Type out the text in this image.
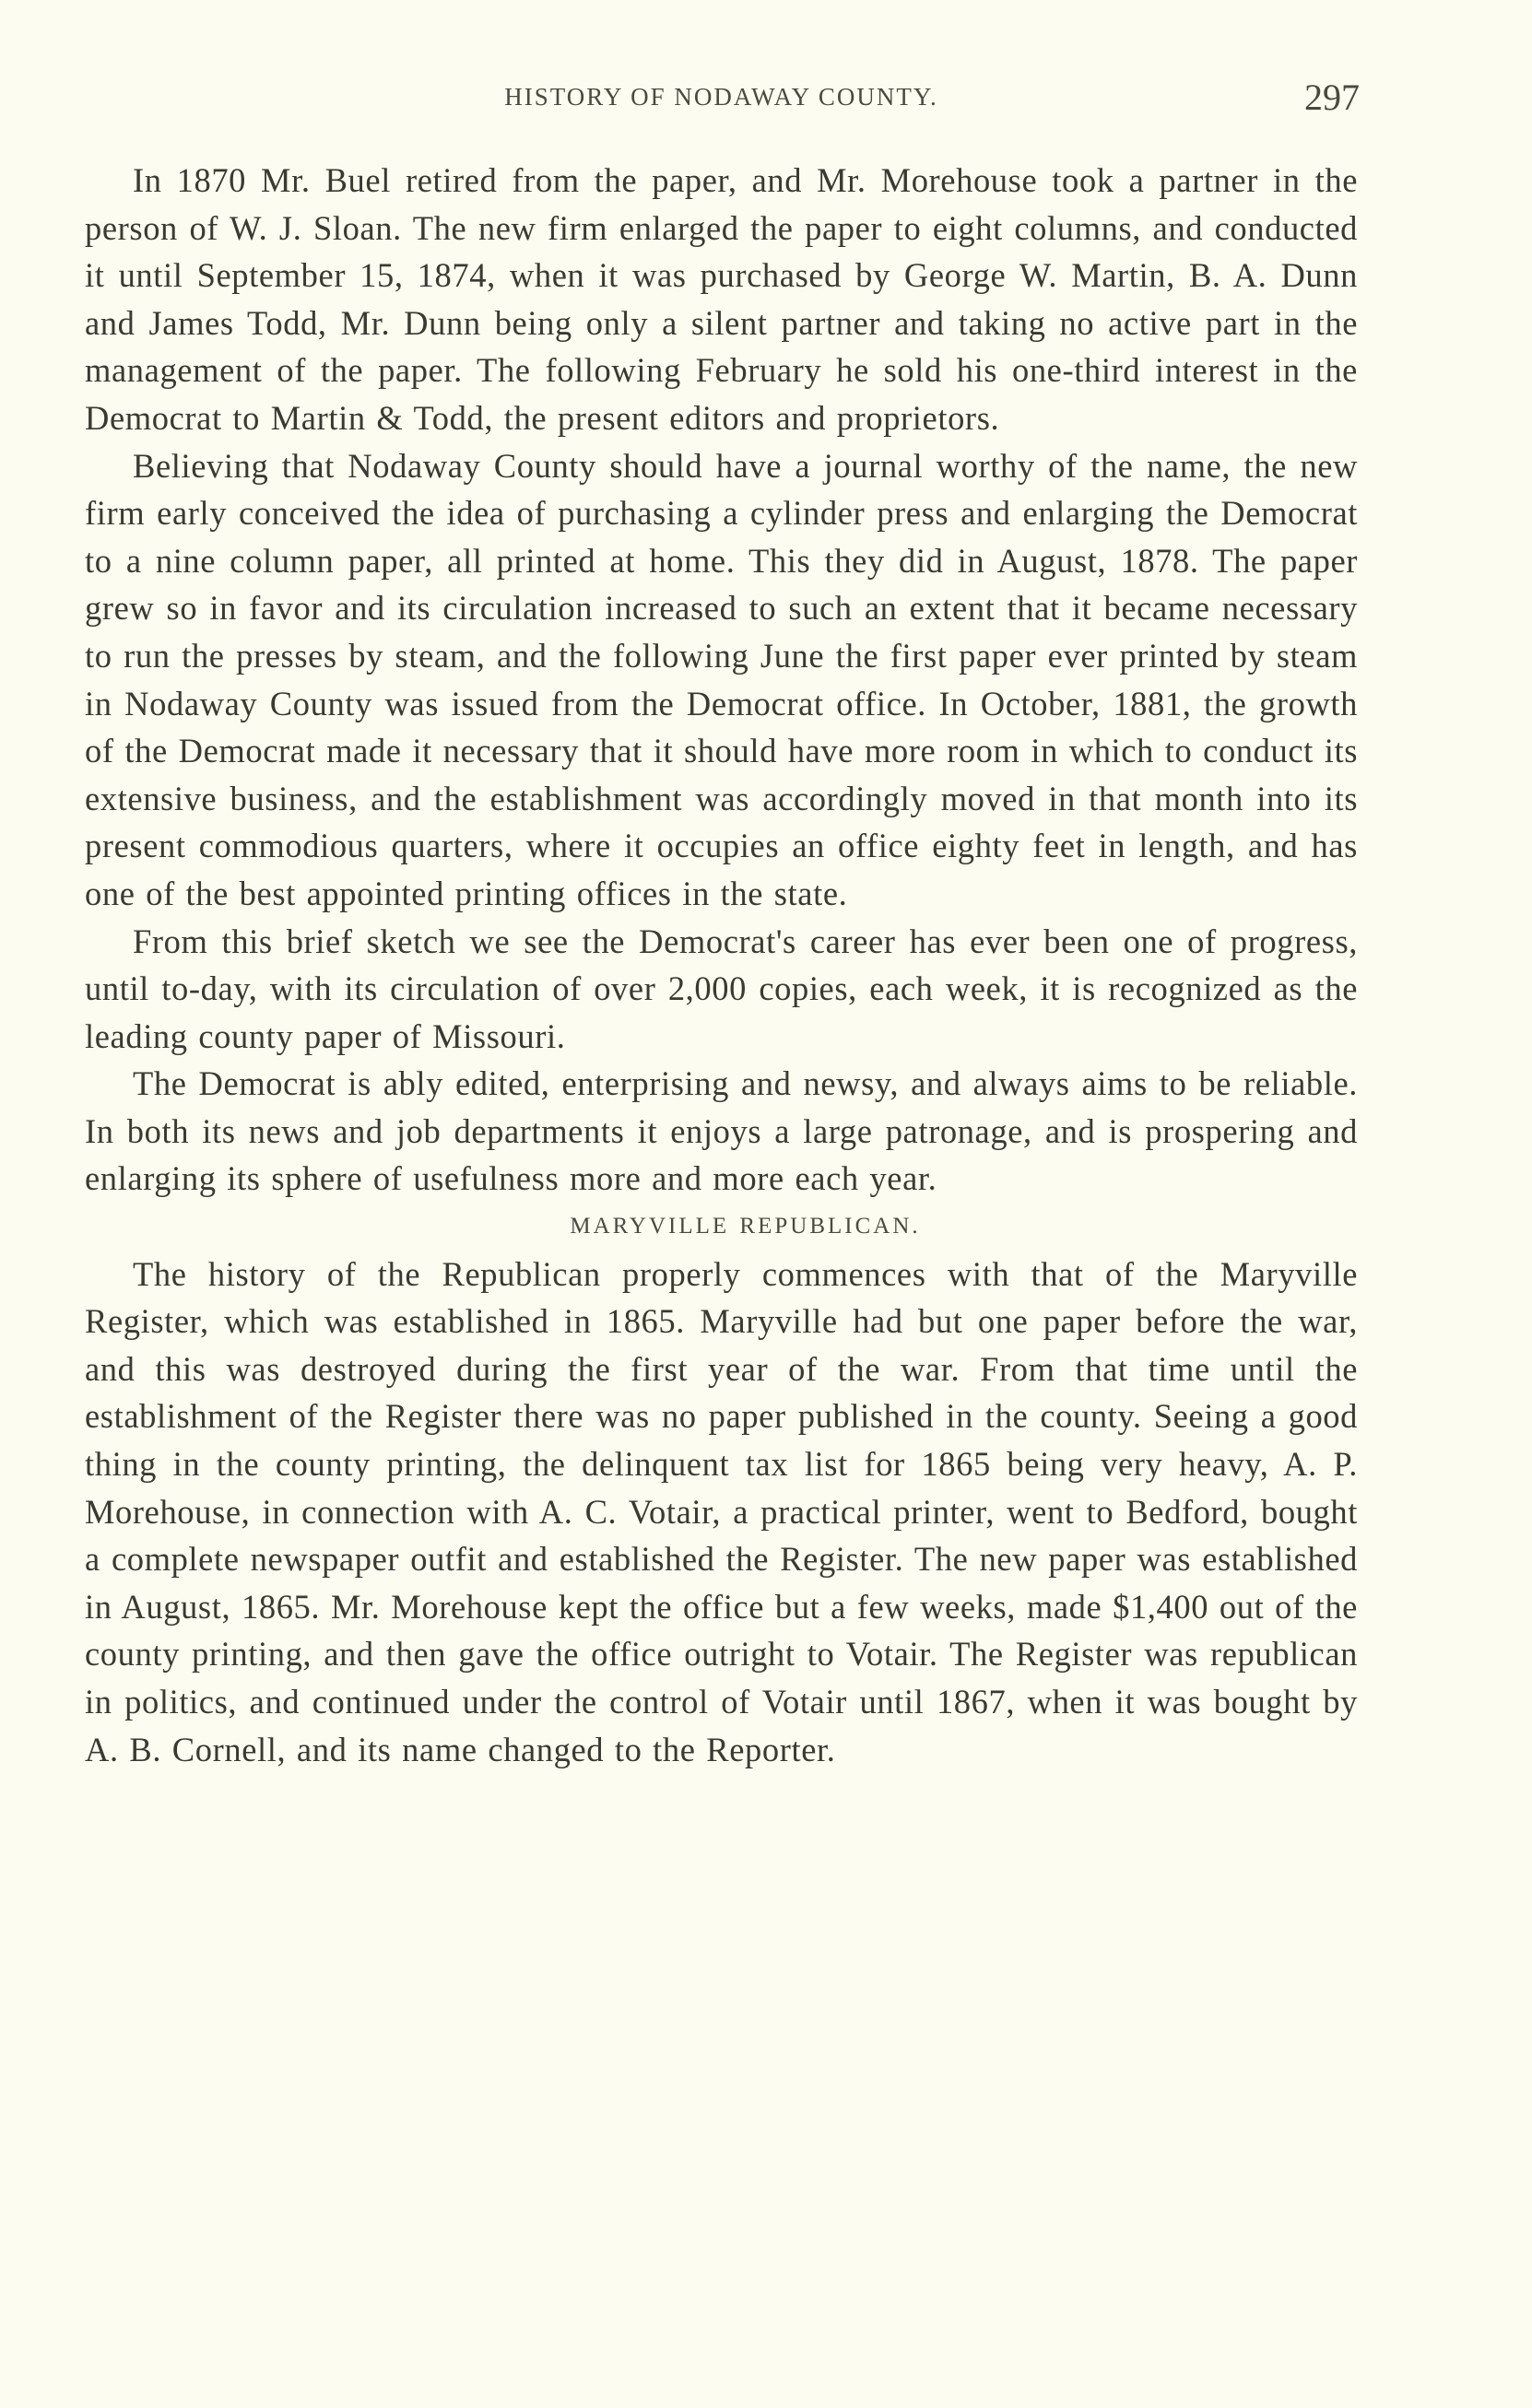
HISTORY OF NODAWAY COUNTY.	297

In 1870 Mr. Buel retired from the paper, and Mr. Morehouse took a partner in the person of W. J. Sloan. The new firm enlarged the paper to eight columns, and conducted it until September 15, 1874, when it was purchased by George W. Martin, B. A. Dunn and James Todd, Mr. Dunn being only a silent partner and taking no active part in the management of the paper. The following February he sold his one-third interest in the Democrat to Martin & Todd, the present editors and proprietors.

Believing that Nodaway County should have a journal worthy of the name, the new firm early conceived the idea of purchasing a cylinder press and enlarging the Democrat to a nine column paper, all printed at home. This they did in August, 1878. The paper grew so in favor and its circulation increased to such an extent that it became necessary to run the presses by steam, and the following June the first paper ever printed by steam in Nodaway County was issued from the Democrat office. In October, 1881, the growth of the Democrat made it necessary that it should have more room in which to conduct its extensive business, and the establishment was accordingly moved in that month into its present commodious quarters, where it occupies an office eighty feet in length, and has one of the best appointed printing offices in the state.

From this brief sketch we see the Democrat's career has ever been one of progress, until to-day, with its circulation of over 2,000 copies, each week, it is recognized as the leading county paper of Missouri.

The Democrat is ably edited, enterprising and newsy, and always aims to be reliable. In both its news and job departments it enjoys a large patronage, and is prospering and enlarging its sphere of usefulness more and more each year.

MARYVILLE REPUBLICAN.

The history of the Republican properly commences with that of the Maryville Register, which was established in 1865. Maryville had but one paper before the war, and this was destroyed during the first year of the war. From that time until the establishment of the Register there was no paper published in the county. Seeing a good thing in the county printing, the delinquent tax list for 1865 being very heavy, A. P. Morehouse, in connection with A. C. Votair, a practical printer, went to Bedford, bought a complete newspaper outfit and established the Register. The new paper was established in August, 1865. Mr. Morehouse kept the office but a few weeks, made $1,400 out of the county printing, and then gave the office outright to Votair. The Register was republican in politics, and continued under the control of Votair until 1867, when it was bought by A. B. Cornell, and its name changed to the Reporter.
